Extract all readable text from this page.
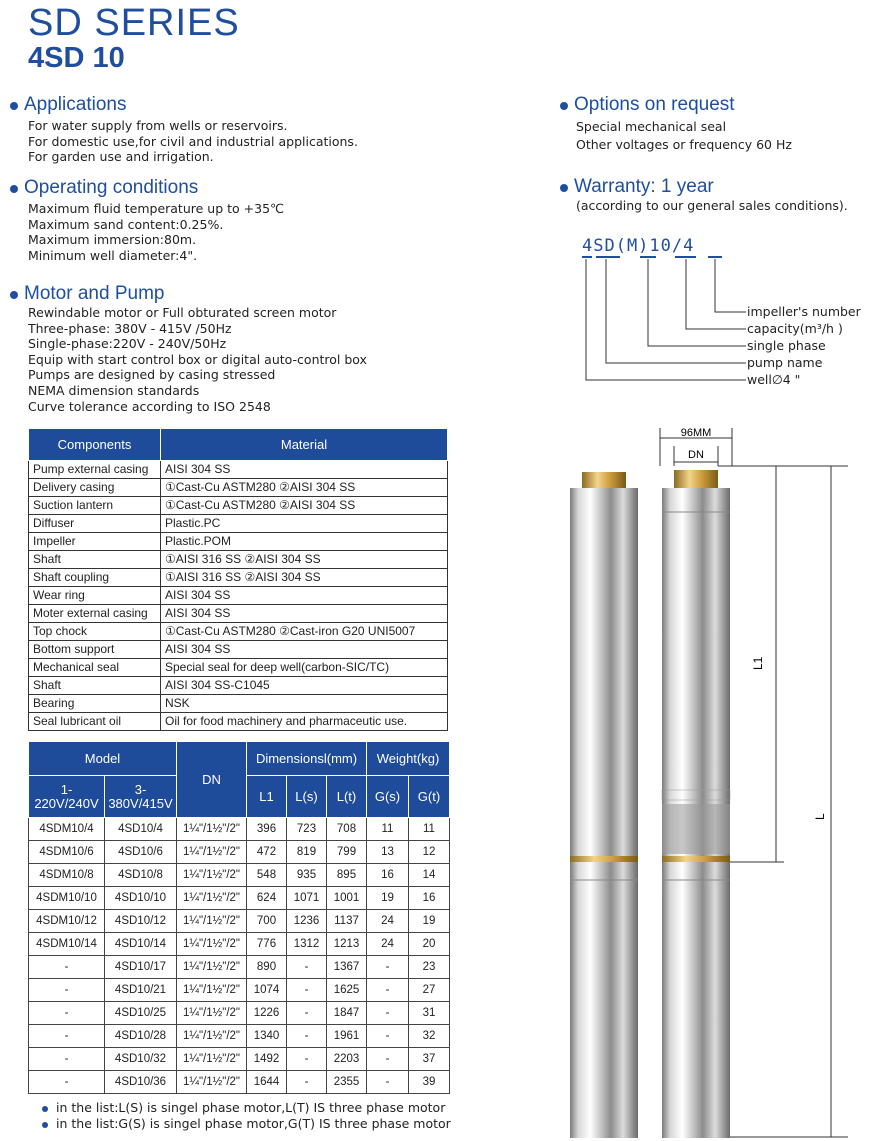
SD SERIES
4SD 10
Applications
For water supply from wells or reservoirs.
For domestic use,for civil and industrial applications.
For garden use and irrigation.
Operating conditions
Maximum fluid temperature up to +35℃
Maximum sand content:0.25%.
Maximum immersion:80m.
Minimum well diameter:4".
Motor and Pump
Rewindable motor or Full obturated screen motor
Three-phase: 380V - 415V /50Hz
Single-phase:220V - 240V/50Hz
Equip with start control box or digital auto-control box
Pumps are designed by casing stressed
NEMA dimension standards
Curve tolerance according to ISO 2548
Options on request
Special mechanical seal
Other voltages or frequency 60 Hz
Warranty: 1 year
(according to our general sales conditions).
4SD(M)10/4
impeller's number
capacity(m³/h )
single phase
pump name
well∅4 "
Components	Material
Pump external casing	AISI 304 SS
Delivery casing	①Cast-Cu ASTM280 ②AISI 304 SS
Suction lantern	①Cast-Cu ASTM280 ②AISI 304 SS
Diffuser	Plastic.PC
Impeller	Plastic.POM
Shaft	①AISI 316 SS ②AISI 304 SS
Shaft coupling	①AISI 316 SS ②AISI 304 SS
Wear ring	AISI 304 SS
Moter external casing	AISI 304 SS
Top chock	①Cast-Cu ASTM280 ②Cast-iron G20 UNI5007
Bottom support	AISI 304 SS
Mechanical seal	Special seal for deep well(carbon-SIC/TC)
Shaft	AISI 304 SS-C1045
Bearing	NSK
Seal lubricant oil	Oil for food machinery and pharmaceutic use.
Model		DN	Dimensionsl(mm)			Weight(kg)	
1-
220V/240V	3-
380V/415V		L1	L(s)	L(t)	G(s)	G(t)
4SDM10/4	4SD10/4	1¼"/1½"/2"	396	723	708	11	11
4SDM10/6	4SD10/6	1¼"/1½"/2"	472	819	799	13	12
4SDM10/8	4SD10/8	1¼"/1½"/2"	548	935	895	16	14
4SDM10/10	4SD10/10	1¼"/1½"/2"	624	1071	1001	19	16
4SDM10/12	4SD10/12	1¼"/1½"/2"	700	1236	1137	24	19
4SDM10/14	4SD10/14	1¼"/1½"/2"	776	1312	1213	24	20
-	4SD10/17	1¼"/1½"/2"	890	-	1367	-	23
-	4SD10/21	1¼"/1½"/2"	1074	-	1625	-	27
-	4SD10/25	1¼"/1½"/2"	1226	-	1847	-	31
-	4SD10/28	1¼"/1½"/2"	1340	-	1961	-	32
-	4SD10/32	1¼"/1½"/2"	1492	-	2203	-	37
-	4SD10/36	1¼"/1½"/2"	1644	-	2355	-	39
in the list:L(S) is singel phase motor,L(T) IS three phase motor
in the list:G(S) is singel phase motor,G(T) IS three phase motor
96MM
DN
L1
L
